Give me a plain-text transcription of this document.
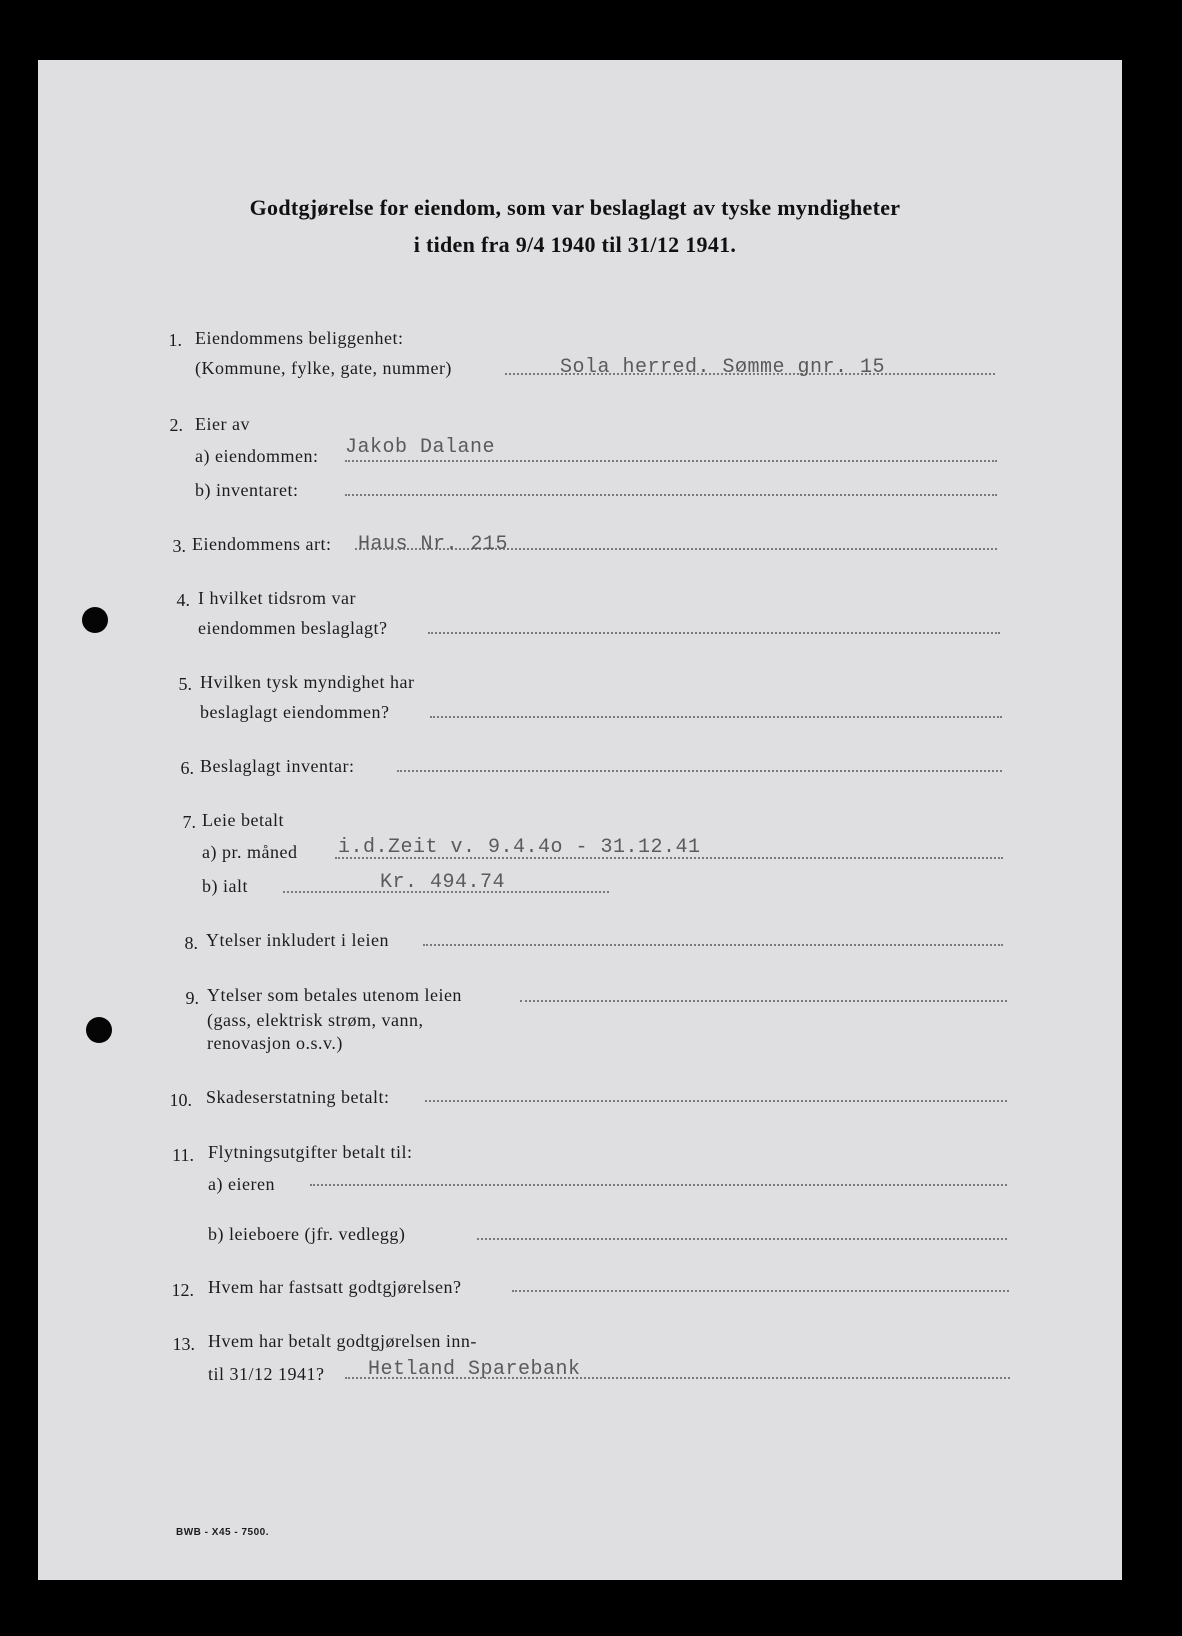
Godtgjørelse for eiendom, som var beslaglagt av tyske myndigheter
i tiden fra 9/4 1940 til 31/12 1941.
1. Eiendommens beliggenhet:
(Kommune, fylke, gate, nummer)	Sola herred. Sømme gnr. 15
2. Eier av
a) eiendommen: Jakob Dalane
b) inventaret:
3. Eiendommens art: Haus Nr. 215
4. I hvilket tidsrom var
eiendommen beslaglagt?
5. Hvilken tysk myndighet har
beslaglagt eiendommen?
6. Beslaglagt inventar:
7. Leie betalt
a) pr. måned i.d.Zeit v. 9.4.4o - 31.12.41
b) ialt	Kr. 494.74
8. Ytelser inkludert i leien
9. Ytelser som betales utenom leien
(gass, elektrisk strøm, vann,
renovasjon o.s.v.)
10. Skadeserstatning betalt:
11. Flytningsutgifter betalt til:
a) eieren
b) leieboere (jfr. vedlegg)
12. Hvem har fastsatt godtgjørelsen?
13. Hvem har betalt godtgjørelsen inn-
til 31/12 1941? Hetland Sparebank
BWB - X45 - 7500.
